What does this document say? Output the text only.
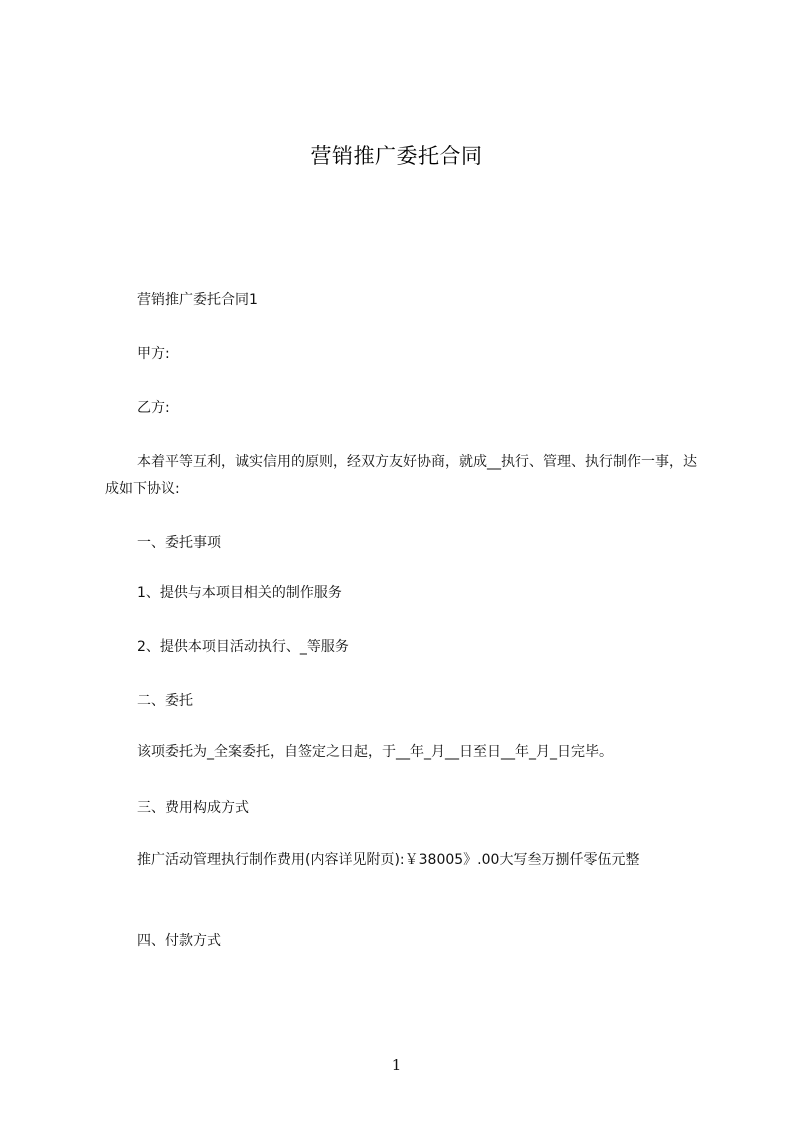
营销推广委托合同
营销推广委托合同1
甲方:
乙方:
本着平等互利，诚实信用的原则，经双方友好协商，就成__执行、管理、执行制作一事，达成如下协议:
一、委托事项
1、提供与本项目相关的制作服务
2、提供本项目活动执行、_等服务
二、委托
该项委托为_全案委托，自签定之日起，于__年_月__日至日__年_月_日完毕。
三、费用构成方式
推广活动管理执行制作费用(内容详见附页):￥38005》.00大写叁万捌仟零伍元整
四、付款方式
1
